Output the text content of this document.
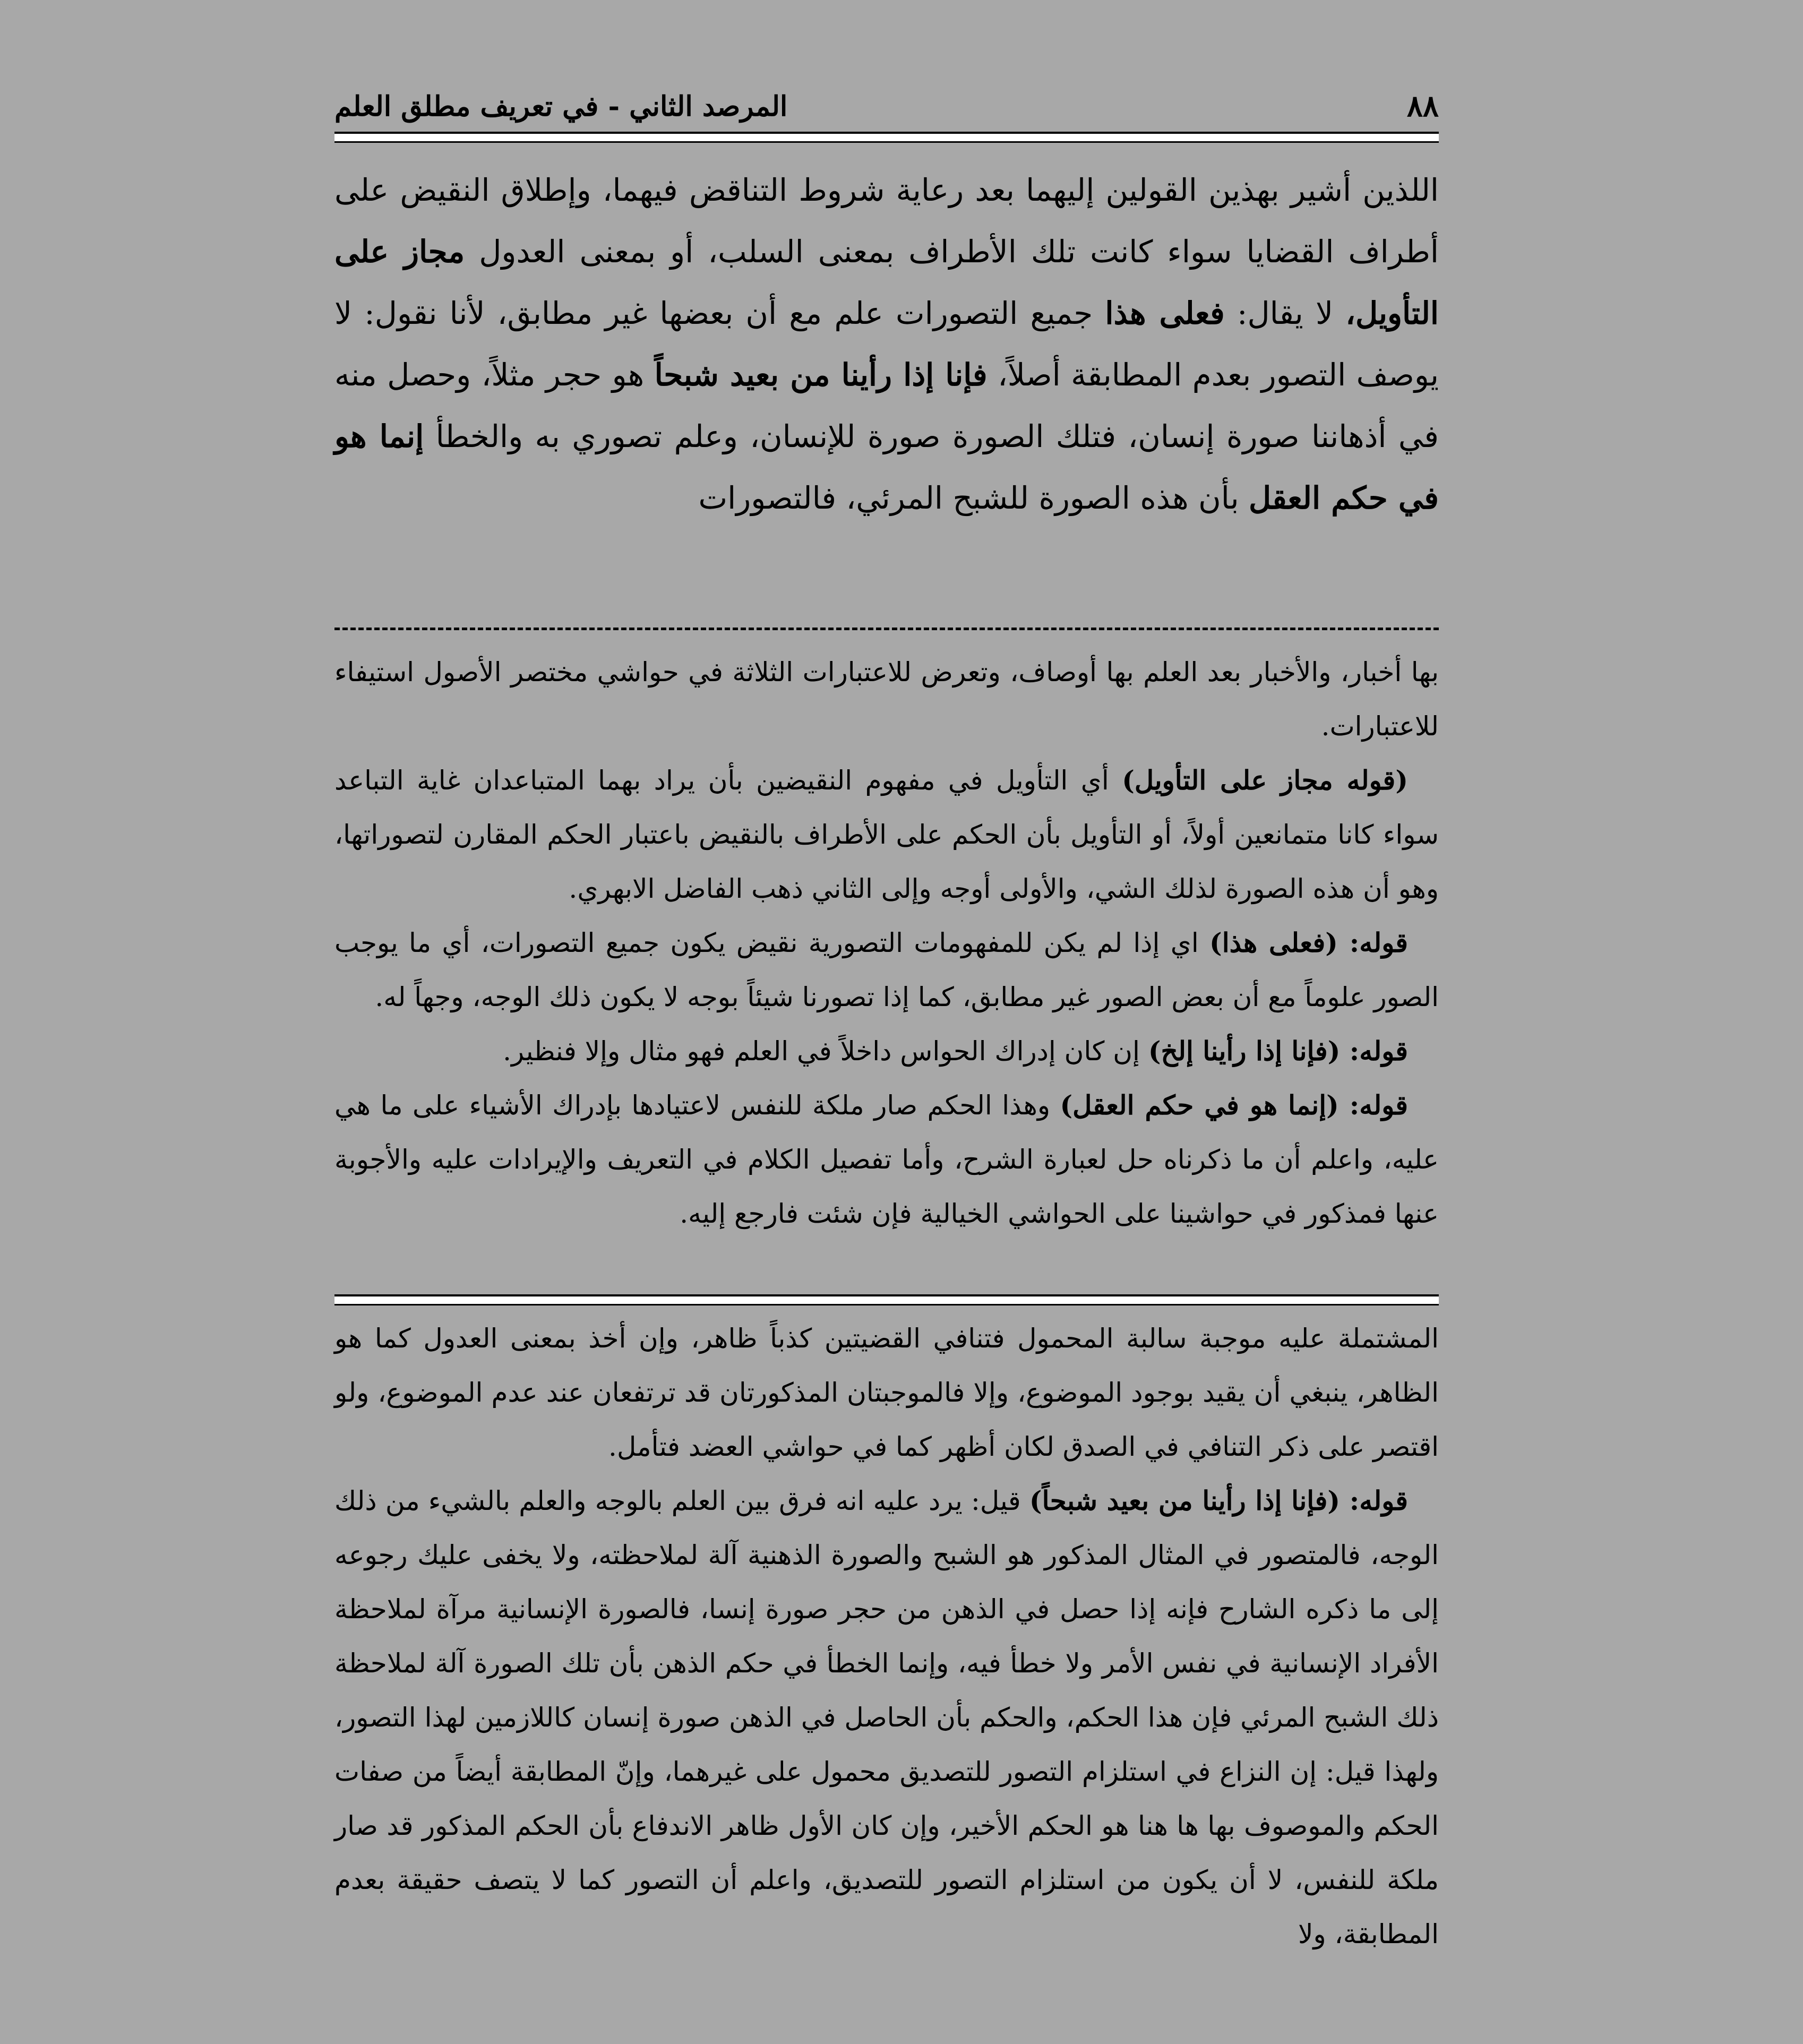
٨٨
المرصد الثاني - في تعريف مطلق العلم

اللذين أشير بهذين القولين إليهما بعد رعاية شروط التناقض فيهما، وإطلاق النقيض على أطراف القضايا سواء كانت تلك الأطراف بمعنى السلب، أو بمعنى العدول مجاز على التأويل، لا يقال: فعلى هذا جميع التصورات علم مع أن بعضها غير مطابق، لأنا نقول: لا يوصف التصور بعدم المطابقة أصلاً، فإنا إذا رأينا من بعيد شبحاً هو حجر مثلاً، وحصل منه في أذهاننا صورة إنسان، فتلك الصورة صورة للإنسان، وعلم تصوري به والخطأ إنما هو في حكم العقل بأن هذه الصورة للشبح المرئي، فالتصورات

بها أخبار، والأخبار بعد العلم بها أوصاف، وتعرض للاعتبارات الثلاثة في حواشي مختصر الأصول استيفاء للاعتبارات.

(قوله مجاز على التأويل) أي التأويل في مفهوم النقيضين بأن يراد بهما المتباعدان غاية التباعد سواء كانا متمانعين أولاً، أو التأويل بأن الحكم على الأطراف بالنقيض باعتبار الحكم المقارن لتصوراتها، وهو أن هذه الصورة لذلك الشي، والأولى أوجه وإلى الثاني ذهب الفاضل الابهري.

قوله: (فعلى هذا) اي إذا لم يكن للمفهومات التصورية نقيض يكون جميع التصورات، أي ما يوجب الصور علوماً مع أن بعض الصور غير مطابق، كما إذا تصورنا شيئاً بوجه لا يكون ذلك الوجه، وجهاً له.

قوله: (فإنا إذا رأينا إلخ) إن كان إدراك الحواس داخلاً في العلم فهو مثال وإلا فنظير.

قوله: (إنما هو في حكم العقل) وهذا الحكم صار ملكة للنفس لاعتيادها بإدراك الأشياء على ما هي عليه، واعلم أن ما ذكرناه حل لعبارة الشرح، وأما تفصيل الكلام في التعريف والإيرادات عليه والأجوبة عنها فمذكور في حواشينا على الحواشي الخيالية فإن شئت فارجع إليه.

المشتملة عليه موجبة سالبة المحمول فتنافي القضيتين كذباً ظاهر، وإن أخذ بمعنى العدول كما هو الظاهر، ينبغي أن يقيد بوجود الموضوع، وإلا فالموجبتان المذكورتان قد ترتفعان عند عدم الموضوع، ولو اقتصر على ذكر التنافي في الصدق لكان أظهر كما في حواشي العضد فتأمل.

قوله: (فإنا إذا رأينا من بعيد شبحاً) قيل: يرد عليه انه فرق بين العلم بالوجه والعلم بالشيء من ذلك الوجه، فالمتصور في المثال المذكور هو الشبح والصورة الذهنية آلة لملاحظته، ولا يخفى عليك رجوعه إلى ما ذكره الشارح فإنه إذا حصل في الذهن من حجر صورة إنسا، فالصورة الإنسانية مرآة لملاحظة الأفراد الإنسانية في نفس الأمر ولا خطأ فيه، وإنما الخطأ في حكم الذهن بأن تلك الصورة آلة لملاحظة ذلك الشبح المرئي فإن هذا الحكم، والحكم بأن الحاصل في الذهن صورة إنسان كاللازمين لهذا التصور، ولهذا قيل: إن النزاع في استلزام التصور للتصديق محمول على غيرهما، وإنّ المطابقة أيضاً من صفات الحكم والموصوف بها ها هنا هو الحكم الأخير، وإن كان الأول ظاهر الاندفاع بأن الحكم المذكور قد صار ملكة للنفس، لا أن يكون من استلزام التصور للتصديق، واعلم أن التصور كما لا يتصف حقيقة بعدم المطابقة، ولا
